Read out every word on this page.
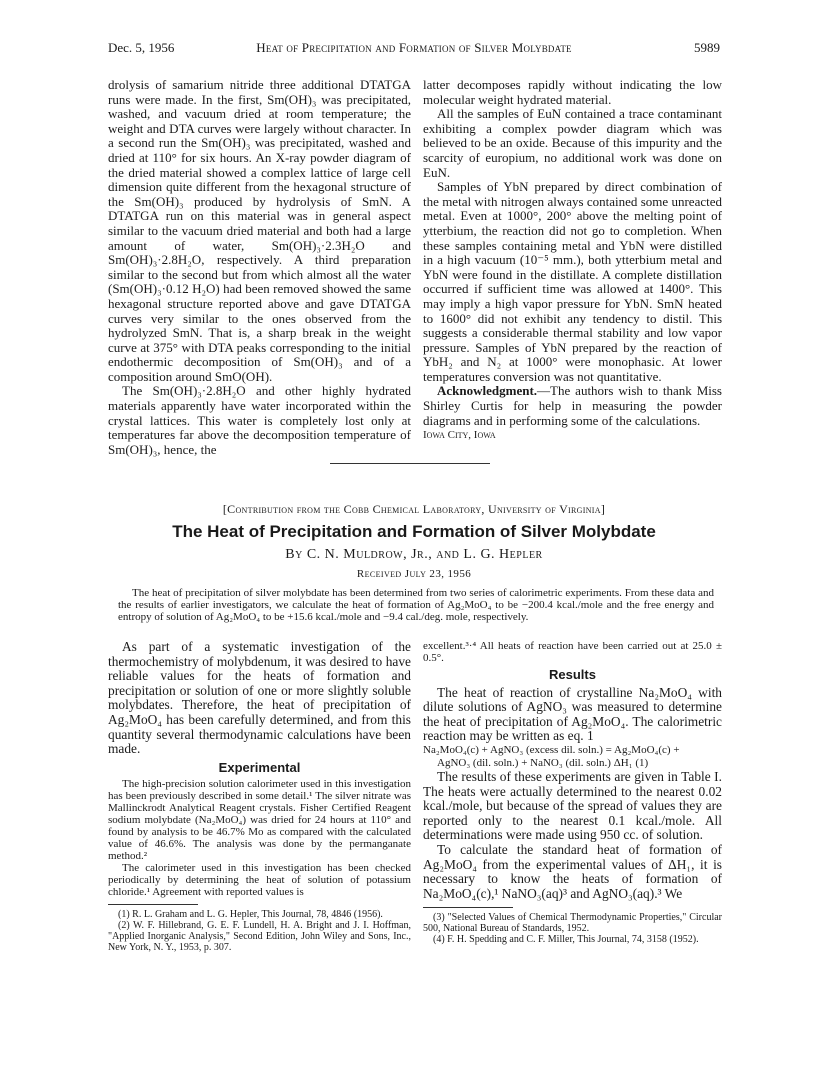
Dec. 5, 1956	Heat of Precipitation and Formation of Silver Molybdate	5989

drolysis of samarium nitride three additional DTATGA runs were made. In the first, Sm(OH)₃ was precipitated, washed, and vacuum dried at room temperature; the weight and DTA curves were largely without character. In a second run the Sm(OH)₃ was precipitated, washed and dried at 110° for six hours. An X-ray powder diagram of the dried material showed a complex lattice of large cell dimension quite different from the hexagonal structure of the Sm(OH)₃ produced by hydrolysis of SmN. A DTATGA run on this material was in general aspect similar to the vacuum dried material and both had a large amount of water, Sm(OH)₃·2.3H₂O and Sm(OH)₃·2.8H₂O, respectively. A third preparation similar to the second but from which almost all the water (Sm(OH)₃·0.12 H₂O) had been removed showed the same hexagonal structure reported above and gave DTATGA curves very similar to the ones observed from the hydrolyzed SmN. That is, a sharp break in the weight curve at 375° with DTA peaks corresponding to the initial endothermic decomposition of Sm(OH)₃ and of a composition around SmO(OH).

The Sm(OH)₃·2.8H₂O and other highly hydrated materials apparently have water incorporated within the crystal lattices. This water is completely lost only at temperatures far above the decomposition temperature of Sm(OH)₃, hence, the

latter decomposes rapidly without indicating the low molecular weight hydrated material.

All the samples of EuN contained a trace contaminant exhibiting a complex powder diagram which was believed to be an oxide. Because of this impurity and the scarcity of europium, no additional work was done on EuN.

Samples of YbN prepared by direct combination of the metal with nitrogen always contained some unreacted metal. Even at 1000°, 200° above the melting point of ytterbium, the reaction did not go to completion. When these samples containing metal and YbN were distilled in a high vacuum (10⁻⁵ mm.), both ytterbium metal and YbN were found in the distillate. A complete distillation occurred if sufficient time was allowed at 1400°. This may imply a high vapor pressure for YbN. SmN heated to 1600° did not exhibit any tendency to distil. This suggests a considerable thermal stability and low vapor pressure. Samples of YbN prepared by the reaction of YbH₂ and N₂ at 1000° were monophasic. At lower temperatures conversion was not quantitative.

Acknowledgment.—The authors wish to thank Miss Shirley Curtis for help in measuring the powder diagrams and in performing some of the calculations.

Iowa City, Iowa

[Contribution from the Cobb Chemical Laboratory, University of Virginia]
The Heat of Precipitation and Formation of Silver Molybdate
By C. N. Muldrow, Jr., and L. G. Hepler
Received July 23, 1956
The heat of precipitation of silver molybdate has been determined from two series of calorimetric experiments. From these data and the results of earlier investigators, we calculate the heat of formation of Ag₂MoO₄ to be −200.4 kcal./mole and the free energy and entropy of solution of Ag₂MoO₄ to be +15.6 kcal./mole and −9.4 cal./deg. mole, respectively.

As part of a systematic investigation of the thermochemistry of molybdenum, it was desired to have reliable values for the heats of formation and precipitation or solution of one or more slightly soluble molybdates. Therefore, the heat of precipitation of Ag₂MoO₄ has been carefully determined, and from this quantity several thermodynamic calculations have been made.

Experimental

The high-precision solution calorimeter used in this investigation has been previously described in some detail.¹ The silver nitrate was Mallinckrodt Analytical Reagent crystals. Fisher Certified Reagent sodium molybdate (Na₂MoO₄) was dried for 24 hours at 110° and found by analysis to be 46.7% Mo as compared with the calculated value of 46.6%. The analysis was done by the permanganate method.²

The calorimeter used in this investigation has been checked periodically by determining the heat of solution of potassium chloride.¹ Agreement with reported values is

(1) R. L. Graham and L. G. Hepler, This Journal, 78, 4846 (1956).

(2) W. F. Hillebrand, G. E. F. Lundell, H. A. Bright and J. I. Hoffman, "Applied Inorganic Analysis," Second Edition, John Wiley and Sons, Inc., New York, N. Y., 1953, p. 307.

excellent.³·⁴ All heats of reaction have been carried out at 25.0 ± 0.5°.

Results

The heat of reaction of crystalline Na₂MoO₄ with dilute solutions of AgNO₃ was measured to determine the heat of precipitation of Ag₂MoO₄. The calorimetric reaction may be written as eq. 1

Na₂MoO₄(c) + AgNO₃ (excess dil. soln.) = Ag₂MoO₄(c) +

AgNO₃ (dil. soln.) + NaNO₃ (dil. soln.) ΔH₁ (1)

The results of these experiments are given in Table I. The heats were actually determined to the nearest 0.02 kcal./mole, but because of the spread of values they are reported only to the nearest 0.1 kcal./mole. All determinations were made using 950 cc. of solution.

To calculate the standard heat of formation of Ag₂MoO₄ from the experimental values of ΔH₁, it is necessary to know the heats of formation of Na₂MoO₄(c),¹ NaNO₃(aq)³ and AgNO₃(aq).³ We

(3) "Selected Values of Chemical Thermodynamic Properties," Circular 500, National Bureau of Standards, 1952.

(4) F. H. Spedding and C. F. Miller, This Journal, 74, 3158 (1952).
